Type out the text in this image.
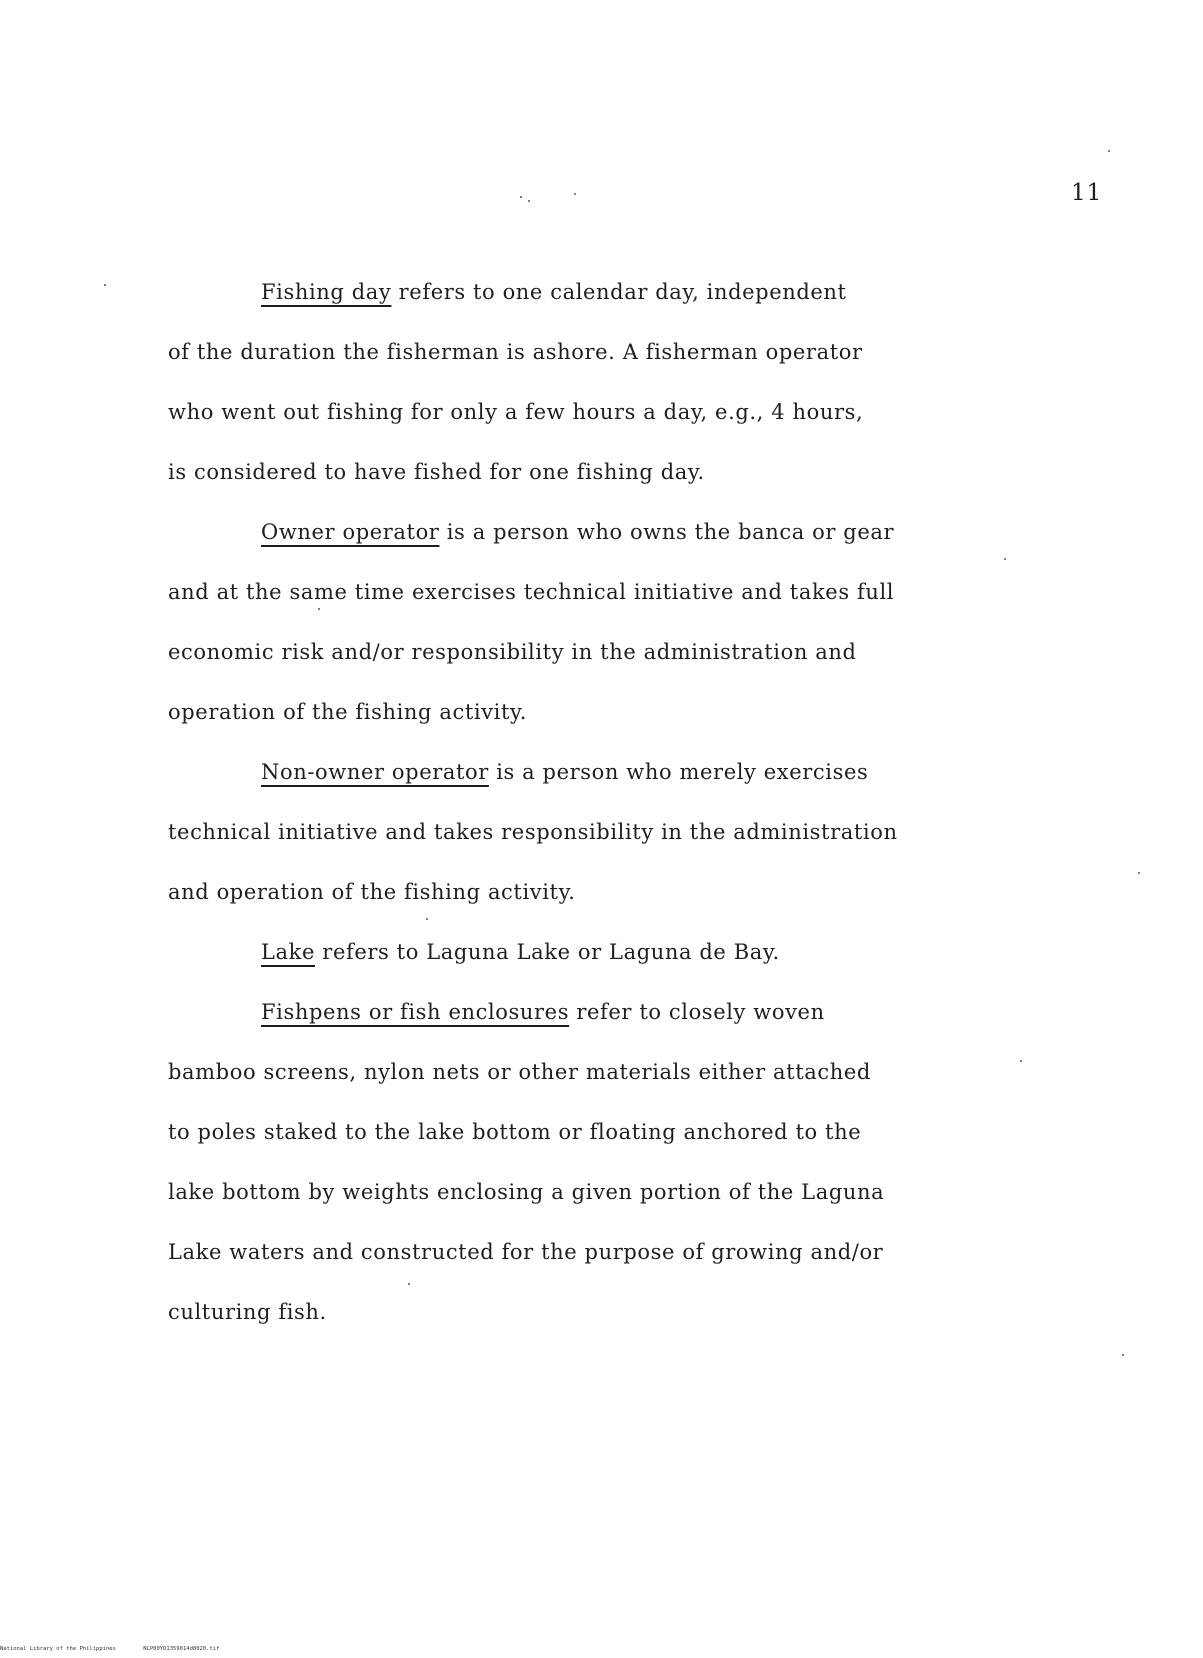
11
Fishing day refers to one calendar day, independent
of the duration the fisherman is ashore. A fisherman operator
who went out fishing for only a few hours a day, e.g., 4 hours,
is considered to have fished for one fishing day.
Owner operator is a person who owns the banca or gear
and at the same time exercises technical initiative and takes full
economic risk and/or responsibility in the administration and
operation of the fishing activity.
Non-owner operator is a person who merely exercises
technical initiative and takes responsibility in the administration
and operation of the fishing activity.
Lake refers to Laguna Lake or Laguna de Bay.
Fishpens or fish enclosures refer to closely woven
bamboo screens, nylon nets or other materials either attached
to poles staked to the lake bottom or floating anchored to the
lake bottom by weights enclosing a given portion of the Laguna
Lake waters and constructed for the purpose of growing and/or
culturing fish.
National Library of the Philippines	NLP00YD1359014d0020.tif
